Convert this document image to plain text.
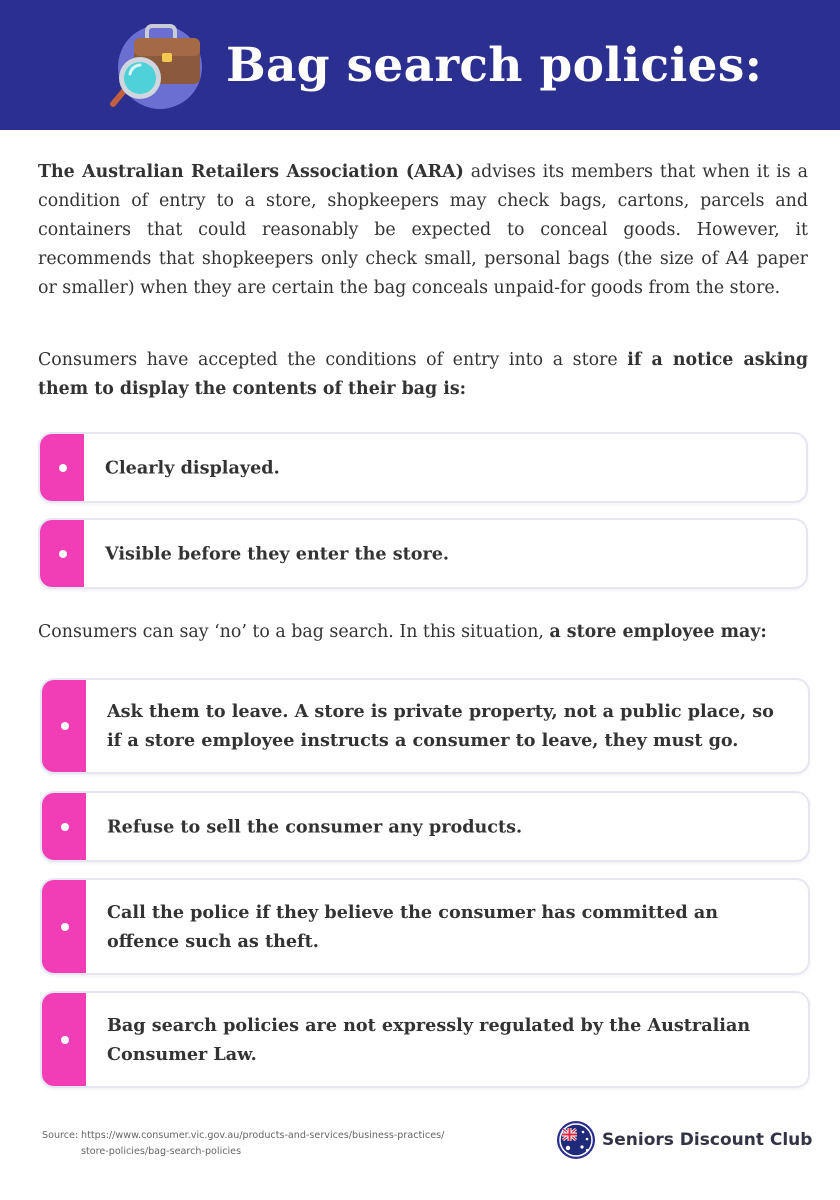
Bag search policies:
The Australian Retailers Association (ARA) advises its members that when it is a condition of entry to a store, shopkeepers may check bags, cartons, parcels and containers that could reasonably be expected to conceal goods. However, it recommends that shopkeepers only check small, personal bags (the size of A4 paper or smaller) when they are certain the bag conceals unpaid-for goods from the store.
Consumers have accepted the conditions of entry into a store if a notice asking them to display the contents of their bag is:
Clearly displayed.
Visible before they enter the store.
Consumers can say ‘no’ to a bag search. In this situation, a store employee may:
Ask them to leave. A store is private property, not a public place, so if a store employee instructs a consumer to leave, they must go.
Refuse to sell the consumer any products.
Call the police if they believe the consumer has committed an offence such as theft.
Bag search policies are not expressly regulated by the Australian Consumer Law.
Source: https://www.consumer.vic.gov.au/products-and-services/business-practices/
store-policies/bag-search-policies
Seniors Discount Club
